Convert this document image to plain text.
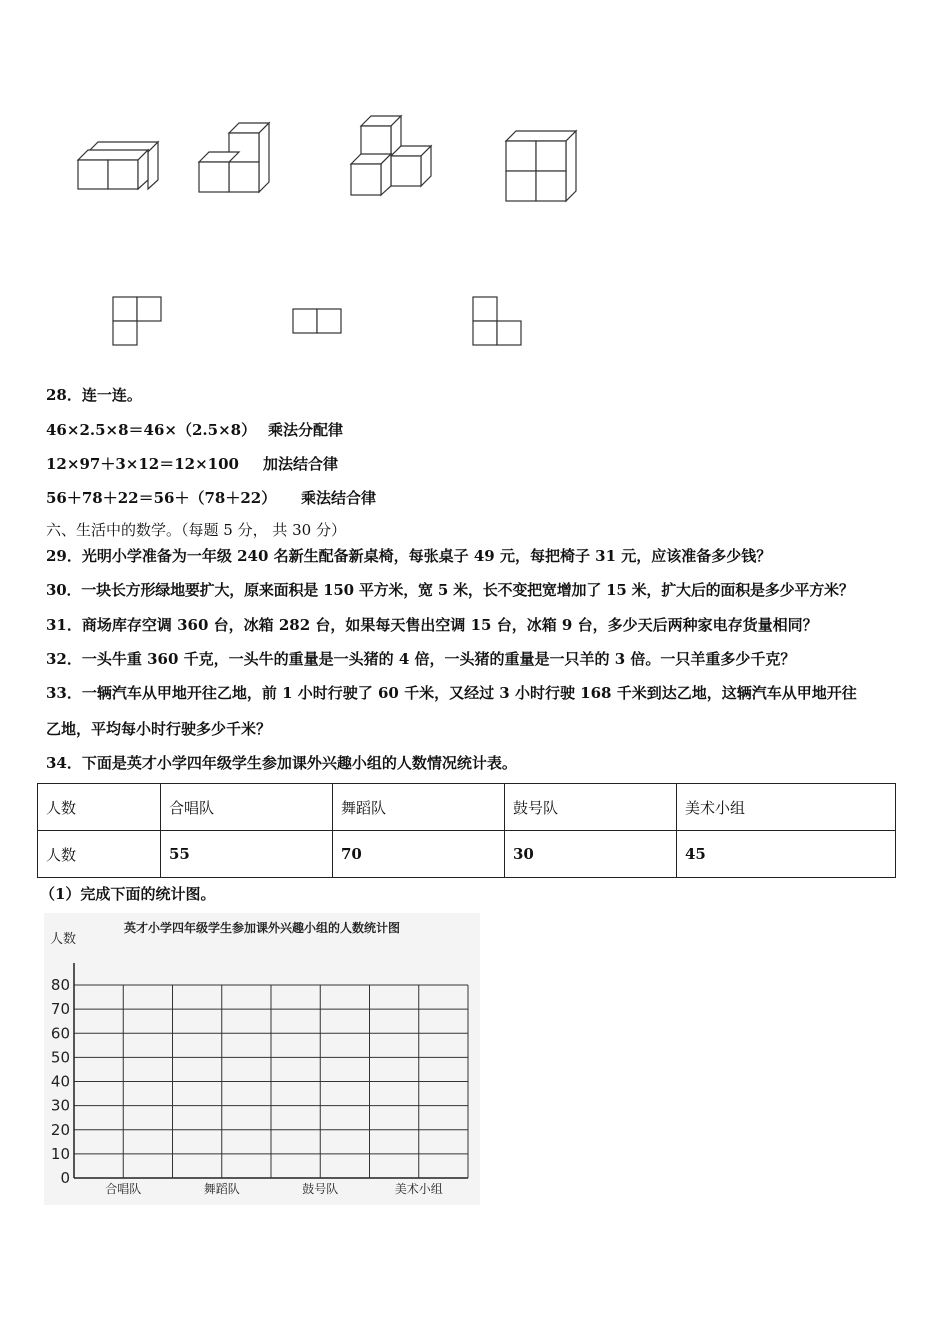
28．连一连。
46×2.5×8＝46×（2.5×8） 乘法分配律
12×97＋3×12＝12×100 加法结合律
56＋78＋22＝56＋（78＋22） 乘法结合律
六、生活中的数学。（每题 5 分， 共 30 分）
29．光明小学准备为一年级 240 名新生配备新桌椅，每张桌子 49 元，每把椅子 31 元，应该准备多少钱？
30．一块长方形绿地要扩大，原来面积是 150 平方米，宽 5 米，长不变把宽增加了 15 米，扩大后的面积是多少平方米？
31．商场库存空调 360 台，冰箱 282 台，如果每天售出空调 15 台，冰箱 9 台，多少天后两种家电存货量相同？
32．一头牛重 360 千克，一头牛的重量是一头猪的 4 倍，一头猪的重量是一只羊的 3 倍。一只羊重多少千克？
33．一辆汽车从甲地开往乙地，前 1 小时行驶了 60 千米，又经过 3 小时行驶 168 千米到达乙地，这辆汽车从甲地开往
乙地，平均每小时行驶多少千米？
34．下面是英才小学四年级学生参加课外兴趣小组的人数情况统计表。
人数	合唱队	舞蹈队	鼓号队	美术小组
人数	55	70	30	45
（1）完成下面的统计图。
英才小学四年级学生参加课外兴趣小组的人数统计图
人数
0
10
20
30
40
50
60
70
80
合唱队	舞蹈队	鼓号队	美术小组
